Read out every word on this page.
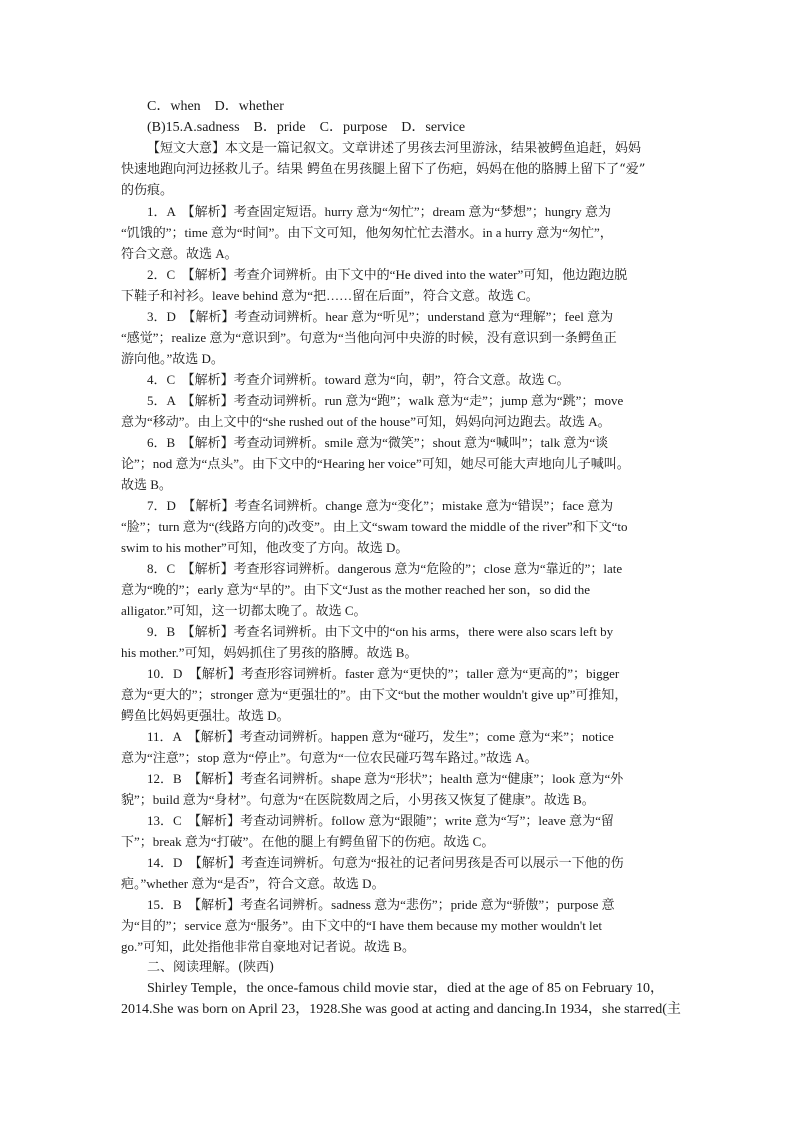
C．when　D．whether
(B)15.A.sadness　B．pride　C．purpose　D．service
【短文大意】本文是一篇记叙文。文章讲述了男孩去河里游泳，结果被鳄鱼追赶，妈妈
快速地跑向河边拯救儿子。结果 鳄鱼在男孩腿上留下了伤疤，妈妈在他的胳膊上留下了“爱”
的伤痕。
1．A　【解析】考查固定短语。hurry 意为“匆忙”；dream 意为“梦想”；hungry 意为
“饥饿的”；time 意为“时间”。由下文可知，他匆匆忙忙去潜水。in a hurry 意为“匆忙”，
符合文意。故选 A。
2．C　【解析】考查介词辨析。由下文中的“He dived into the water”可知，他边跑边脱
下鞋子和衬衫。leave behind 意为“把……留在后面”，符合文意。故选 C。
3．D　【解析】考查动词辨析。hear 意为“听见”；understand 意为“理解”；feel 意为
“感觉”；realize 意为“意识到”。句意为“当他向河中央游的时候，没有意识到一条鳄鱼正
游向他。”故选 D。
4．C　【解析】考查介词辨析。toward 意为“向，朝”，符合文意。故选 C。
5．A　【解析】考查动词辨析。run 意为“跑”；walk 意为“走”；jump 意为“跳”；move
意为“移动”。由上文中的“she rushed out of the house”可知，妈妈向河边跑去。故选 A。
6．B　【解析】考查动词辨析。smile 意为“微笑”；shout 意为“喊叫”；talk 意为“谈
论”；nod 意为“点头”。由下文中的“Hearing her voice”可知，她尽可能大声地向儿子喊叫。
故选 B。
7．D　【解析】考查名词辨析。change 意为“变化”；mistake 意为“错误”；face 意为
“脸”；turn 意为“(线路方向的)改变”。由上文“swam toward the middle of the river”和下文“to
swim to his mother”可知，他改变了方向。故选 D。
8．C　【解析】考查形容词辨析。dangerous 意为“危险的”；close 意为“靠近的”；late
意为“晚的”；early 意为“早的”。由下文“Just as the mother reached her son，so did the
alligator.”可知，这一切都太晚了。故选 C。
9．B　【解析】考查名词辨析。由下文中的“on his arms，there were also scars left by
his mother.”可知，妈妈抓住了男孩的胳膊。故选 B。
10．D　【解析】考查形容词辨析。faster 意为“更快的”；taller 意为“更高的”；bigger
意为“更大的”；stronger 意为“更强壮的”。由下文“but the mother wouldn't give up”可推知，
鳄鱼比妈妈更强壮。故选 D。
11．A　【解析】考查动词辨析。happen 意为“碰巧，发生”；come 意为“来”；notice
意为“注意”；stop 意为“停止”。句意为“一位农民碰巧驾车路过。”故选 A。
12．B　【解析】考查名词辨析。shape 意为“形状”；health 意为“健康”；look 意为“外
貌”；build 意为“身材”。句意为“在医院数周之后，小男孩又恢复了健康”。故选 B。
13．C　【解析】考查动词辨析。follow 意为“跟随”；write 意为“写”；leave 意为“留
下”；break 意为“打破”。在他的腿上有鳄鱼留下的伤疤。故选 C。
14．D　【解析】考查连词辨析。句意为“报社的记者问男孩是否可以展示一下他的伤
疤。”whether 意为“是否”，符合文意。故选 D。
15．B　【解析】考查名词辨析。sadness 意为“悲伤”；pride 意为“骄傲”；purpose 意
为“目的”；service 意为“服务”。由下文中的“I have them because my mother wouldn't let
go.”可知，此处指他非常自豪地对记者说。故选 B。
二、阅读理解。(陕西)
Shirley Temple，the once-famous child movie star，died at the age of 85 on February 10，
2014.She was born on April 23，1928.She was good at acting and dancing.In 1934，she starred(主
